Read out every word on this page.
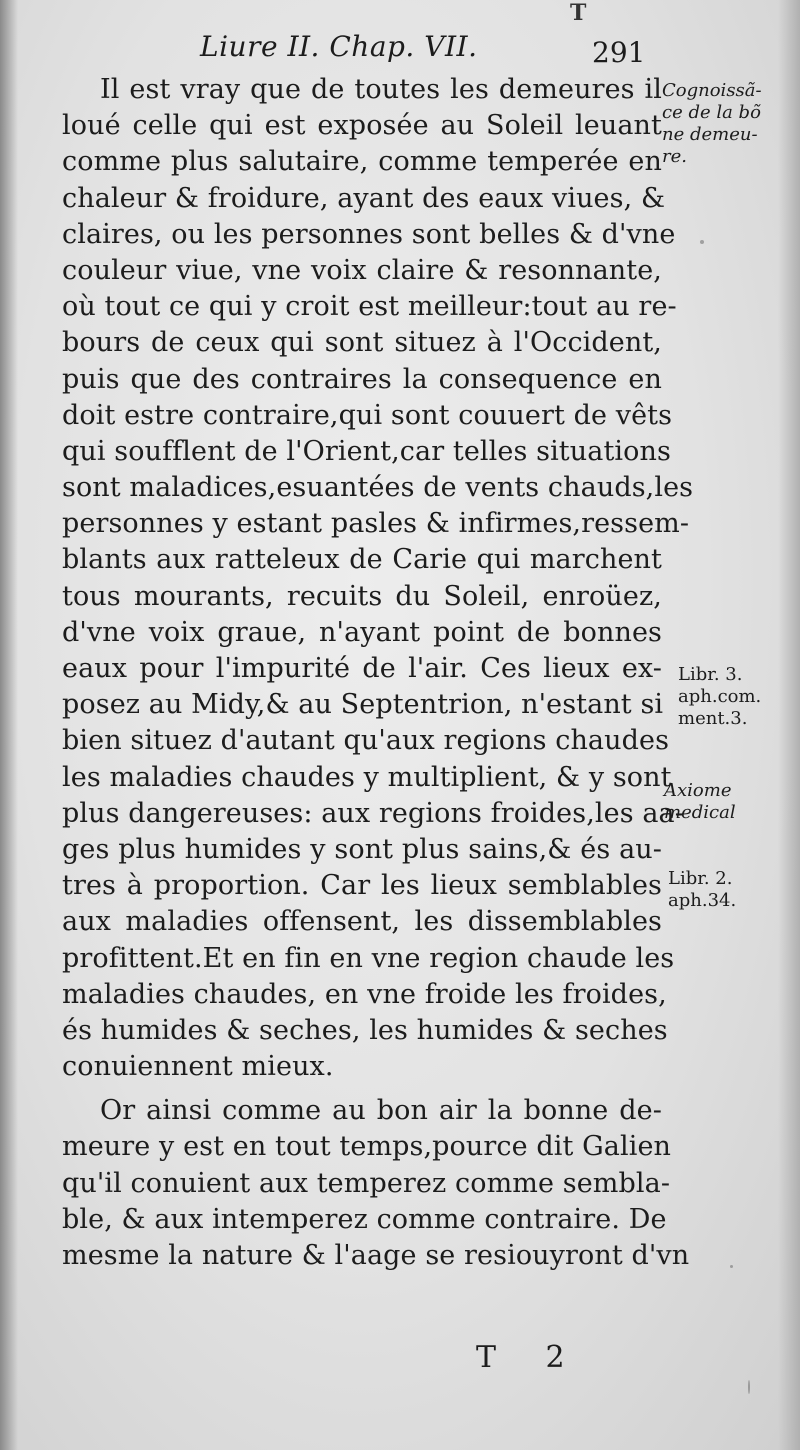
T
Liure II. Chap. VII.	291
Il est vray que de toutes les demeures il
loué celle qui est exposée au Soleil leuant
comme plus salutaire, comme temperée en
chaleur & froidure, ayant des eaux viues, &
claires, ou les personnes sont belles & d'vne
couleur viue, vne voix claire & resonnante,
où tout ce qui y croit est meilleur:tout au re-
bours de ceux qui sont situez à l'Occident,
puis que des contraires la consequence en
doit estre contraire,qui sont couuert de vêts
qui soufflent de l'Orient,car telles situations
sont maladices,esuantées de vents chauds,les
personnes y estant pasles & infirmes,ressem-
blants aux ratteleux de Carie qui marchent
tous mourants, recuits du Soleil, enroüez,
d'vne voix graue, n'ayant point de bonnes
eaux pour l'impurité de l'air. Ces lieux ex-
posez au Midy,& au Septentrion, n'estant si
bien situez d'autant qu'aux regions chaudes
les maladies chaudes y multiplient, & y sont
plus dangereuses: aux regions froides,les aa-
ges plus humides y sont plus sains,& és au-
tres à proportion. Car les lieux semblables
aux maladies offensent, les dissemblables
profittent.Et en fin en vne region chaude les
maladies chaudes, en vne froide les froides,
és humides & seches, les humides & seches
conuiennent mieux.
Or ainsi comme au bon air la bonne de-
meure y est en tout temps,pource dit Galien
qu'il conuient aux temperez comme sembla-
ble, & aux intemperez comme contraire. De
mesme la nature & l'aage se resiouyront d'vn
Cognoissã-
ce de la bõ
ne demeu-
re.
Libr. 3.
aph.com.
ment.3.
Axiome
medical
Libr. 2.
aph.34.
T 2
